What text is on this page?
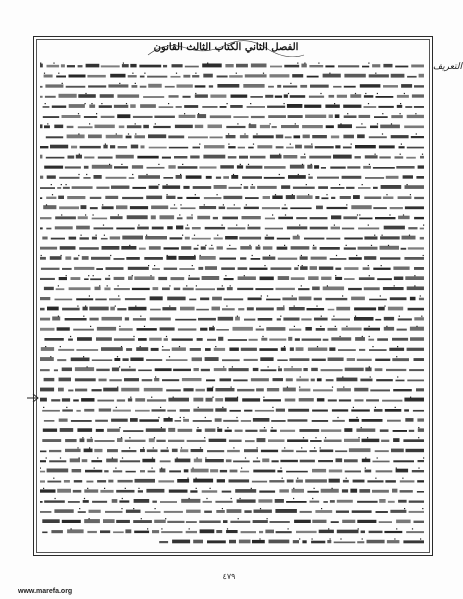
الفصل الثاني الكتاب الثالث القانون
التعريف
٤٧٩
www.marefa.org
